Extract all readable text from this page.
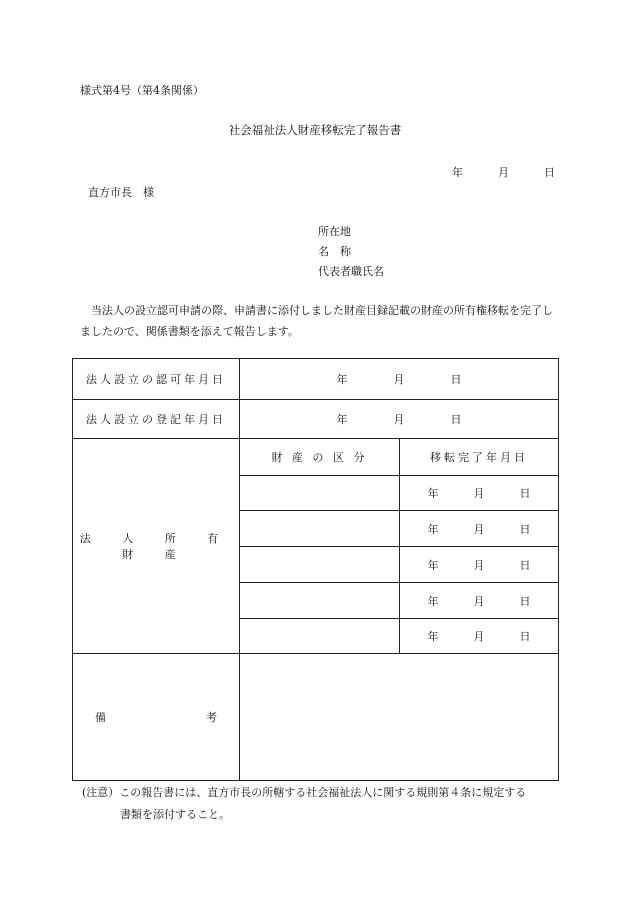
様式第4号（第4条関係）
社会福祉法人財産移転完了報告書
年	月	日
直方市長　様
所在地
名　称
代表者職氏名
当法人の設立認可申請の際、申請書に添付しました財産目録記載の財産の所有権移転を完了しましたので、関係書類を添えて報告します。
法人設立の認可年月日	年 月 日	
法人設立の登記年月日	年 月 日	
法 人 所 有 財 産	財 産 の 区 分	移転完了年月日
		年 月 日
		年 月 日
		年 月 日
		年 月 日
		年 月 日

備 考		

(注意）この報告書には、直方市長の所轄する社会福祉法人に関する規則第４条に規定する
書類を添付すること。
